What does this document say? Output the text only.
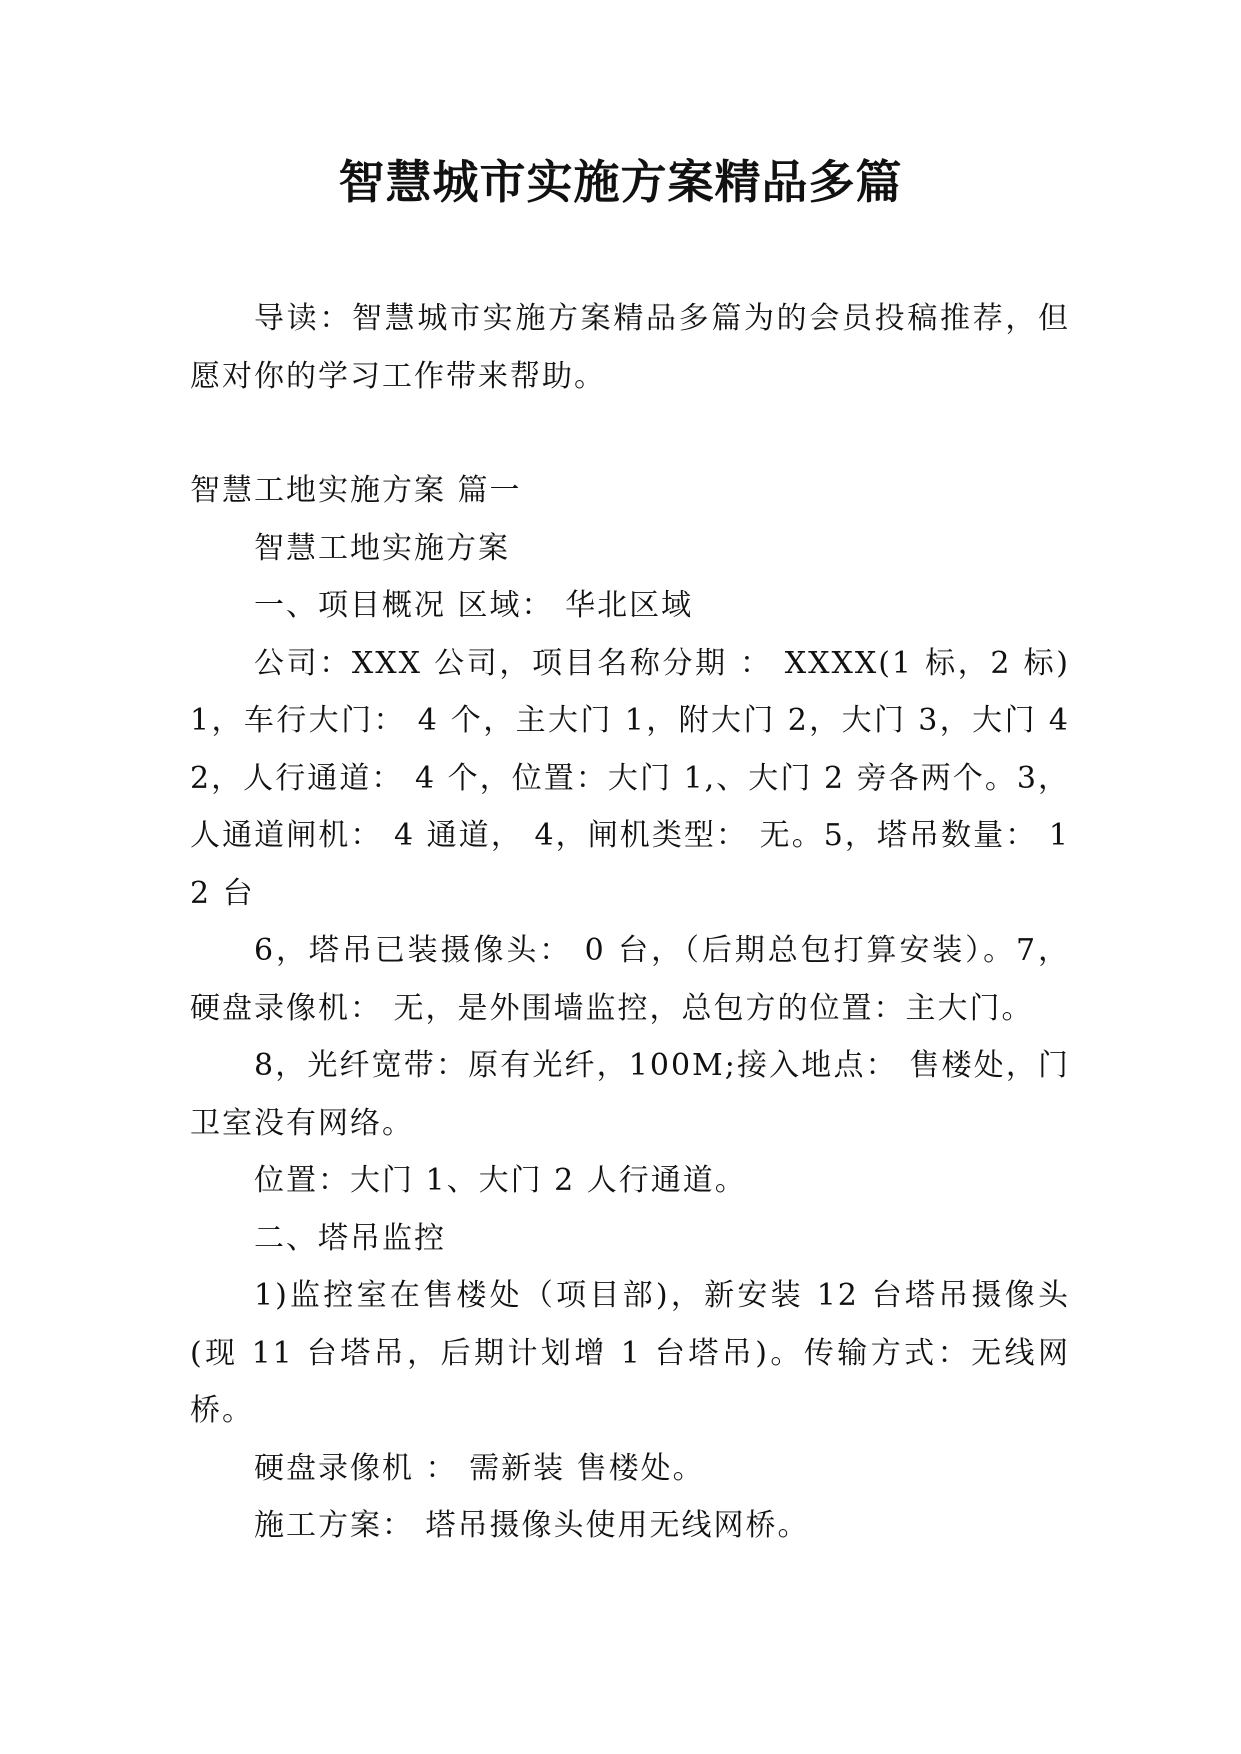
智慧城市实施方案精品多篇

导读：智慧城市实施方案精品多篇为的会员投稿推荐，但愿对你的学习工作带来帮助。

智慧工地实施方案 篇一

智慧工地实施方案

一、项目概况 区域： 华北区域

公司：XXX 公司，项目名称分期 ： XXXX(1 标，2 标)1，车行大门： 4 个，主大门 1，附大门 2，大门 3，大门 4 2，人行通道： 4 个，位置：大门 1,、大门 2 旁各两个。3，人通道闸机： 4 通道， 4，闸机类型： 无。5，塔吊数量： 12 台

6，塔吊已装摄像头： 0 台，（后期总包打算安装）。7，硬盘录像机： 无，是外围墙监控，总包方的位置：主大门。

8，光纤宽带：原有光纤，100M;接入地点： 售楼处，门卫室没有网络。

位置：大门 1、大门 2 人行通道。

二、塔吊监控

1)监控室在售楼处（项目部)，新安装 12 台塔吊摄像头(现 11 台塔吊，后期计划增 1 台塔吊)。传输方式：无线网桥。

硬盘录像机 ： 需新装 售楼处。

施工方案： 塔吊摄像头使用无线网桥。
